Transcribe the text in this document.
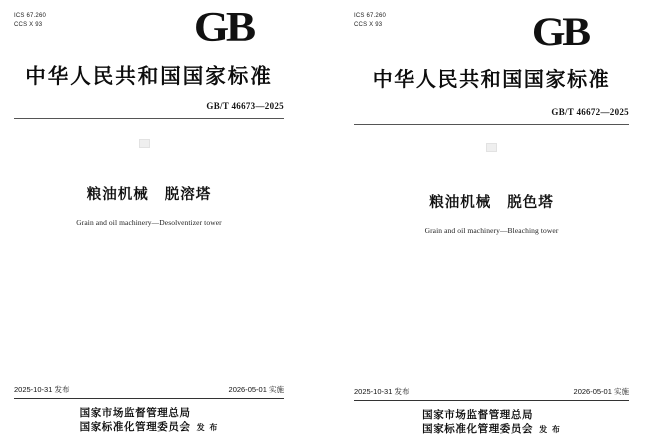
ICS 67.260
CCS X 93	GB
中华人民共和国国家标准
GB/T 46673—2025
粮油机械 脱溶塔
Grain and oil machinery—Desolventizer tower
2025-10-31 发布	2026-05-01 实施
国家市场监督管理总局
国家标准化管理委员会 发 布
ICS 67.260
CCS X 93	GB
中华人民共和国国家标准
GB/T 46672—2025
粮油机械 脱色塔
Grain and oil machinery—Bleaching tower
2025-10-31 发布	2026-05-01 实施
国家市场监督管理总局
国家标准化管理委员会 发 布
